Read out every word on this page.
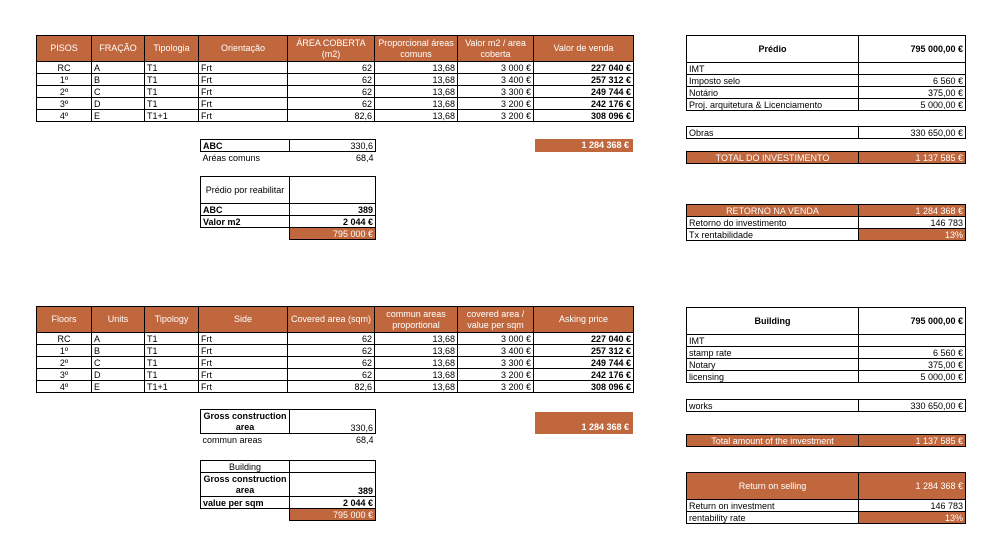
PISOS	FRAÇÃO	Tipologia	Orientação	ÁREA COBERTA (m2)	Proporcional áreas comuns	Valor m2 / area coberta	Valor de venda
RC	A	T1	Frt	62	13,68	3 000 €	227 040 €
1º	B	T1	Frt	62	13,68	3 400 €	257 312 €
2º	C	T1	Frt	62	13,68	3 300 €	249 744 €
3º	D	T1	Frt	62	13,68	3 200 €	242 176 €
4º	E	T1+1	Frt	82,6	13,68	3 200 €	308 096 €
ABC	330,6
Aréas comuns	68,4
1 284 368 €
Prédio por reabilitar	
ABC	389
Valor m2	2 044 €
	795 000 €
Prédio	795 000,00 €
IMT	
Imposto selo	6 560 €
Notário	375,00 €
Proj. arquitetura & Licenciamento	5 000,00 €
Obras	330 650,00 €
TOTAL DO INVESTIMENTO	1 137 585 €
RETORNO NA VENDA	1 284 368 €
Retorno do investimento	146 783
Tx rentabilidade	13%
Floors	Units	Tipology	Side	Covered area (sqm)	commun areas proportional	covered area / value per sqm	Asking price
RC	A	T1	Frt	62	13,68	3 000 €	227 040 €
1º	B	T1	Frt	62	13,68	3 400 €	257 312 €
2º	C	T1	Frt	62	13,68	3 300 €	249 744 €
3º	D	T1	Frt	62	13,68	3 200 €	242 176 €
4º	E	T1+1	Frt	82,6	13,68	3 200 €	308 096 €
Gross construction area	330,6
commun areas	68,4
1 284 368 €
Building	
Gross construction area	389
value per sqm	2 044 €
	795 000 €
Building	795 000,00 €
IMT	
stamp rate	6 560 €
Notary	375,00 €
licensing	5 000,00 €
works	330 650,00 €
Total amount of the investment	1 137 585 €
Return on selling	1 284 368 €
Return on investment	146 783
rentability rate	13%
